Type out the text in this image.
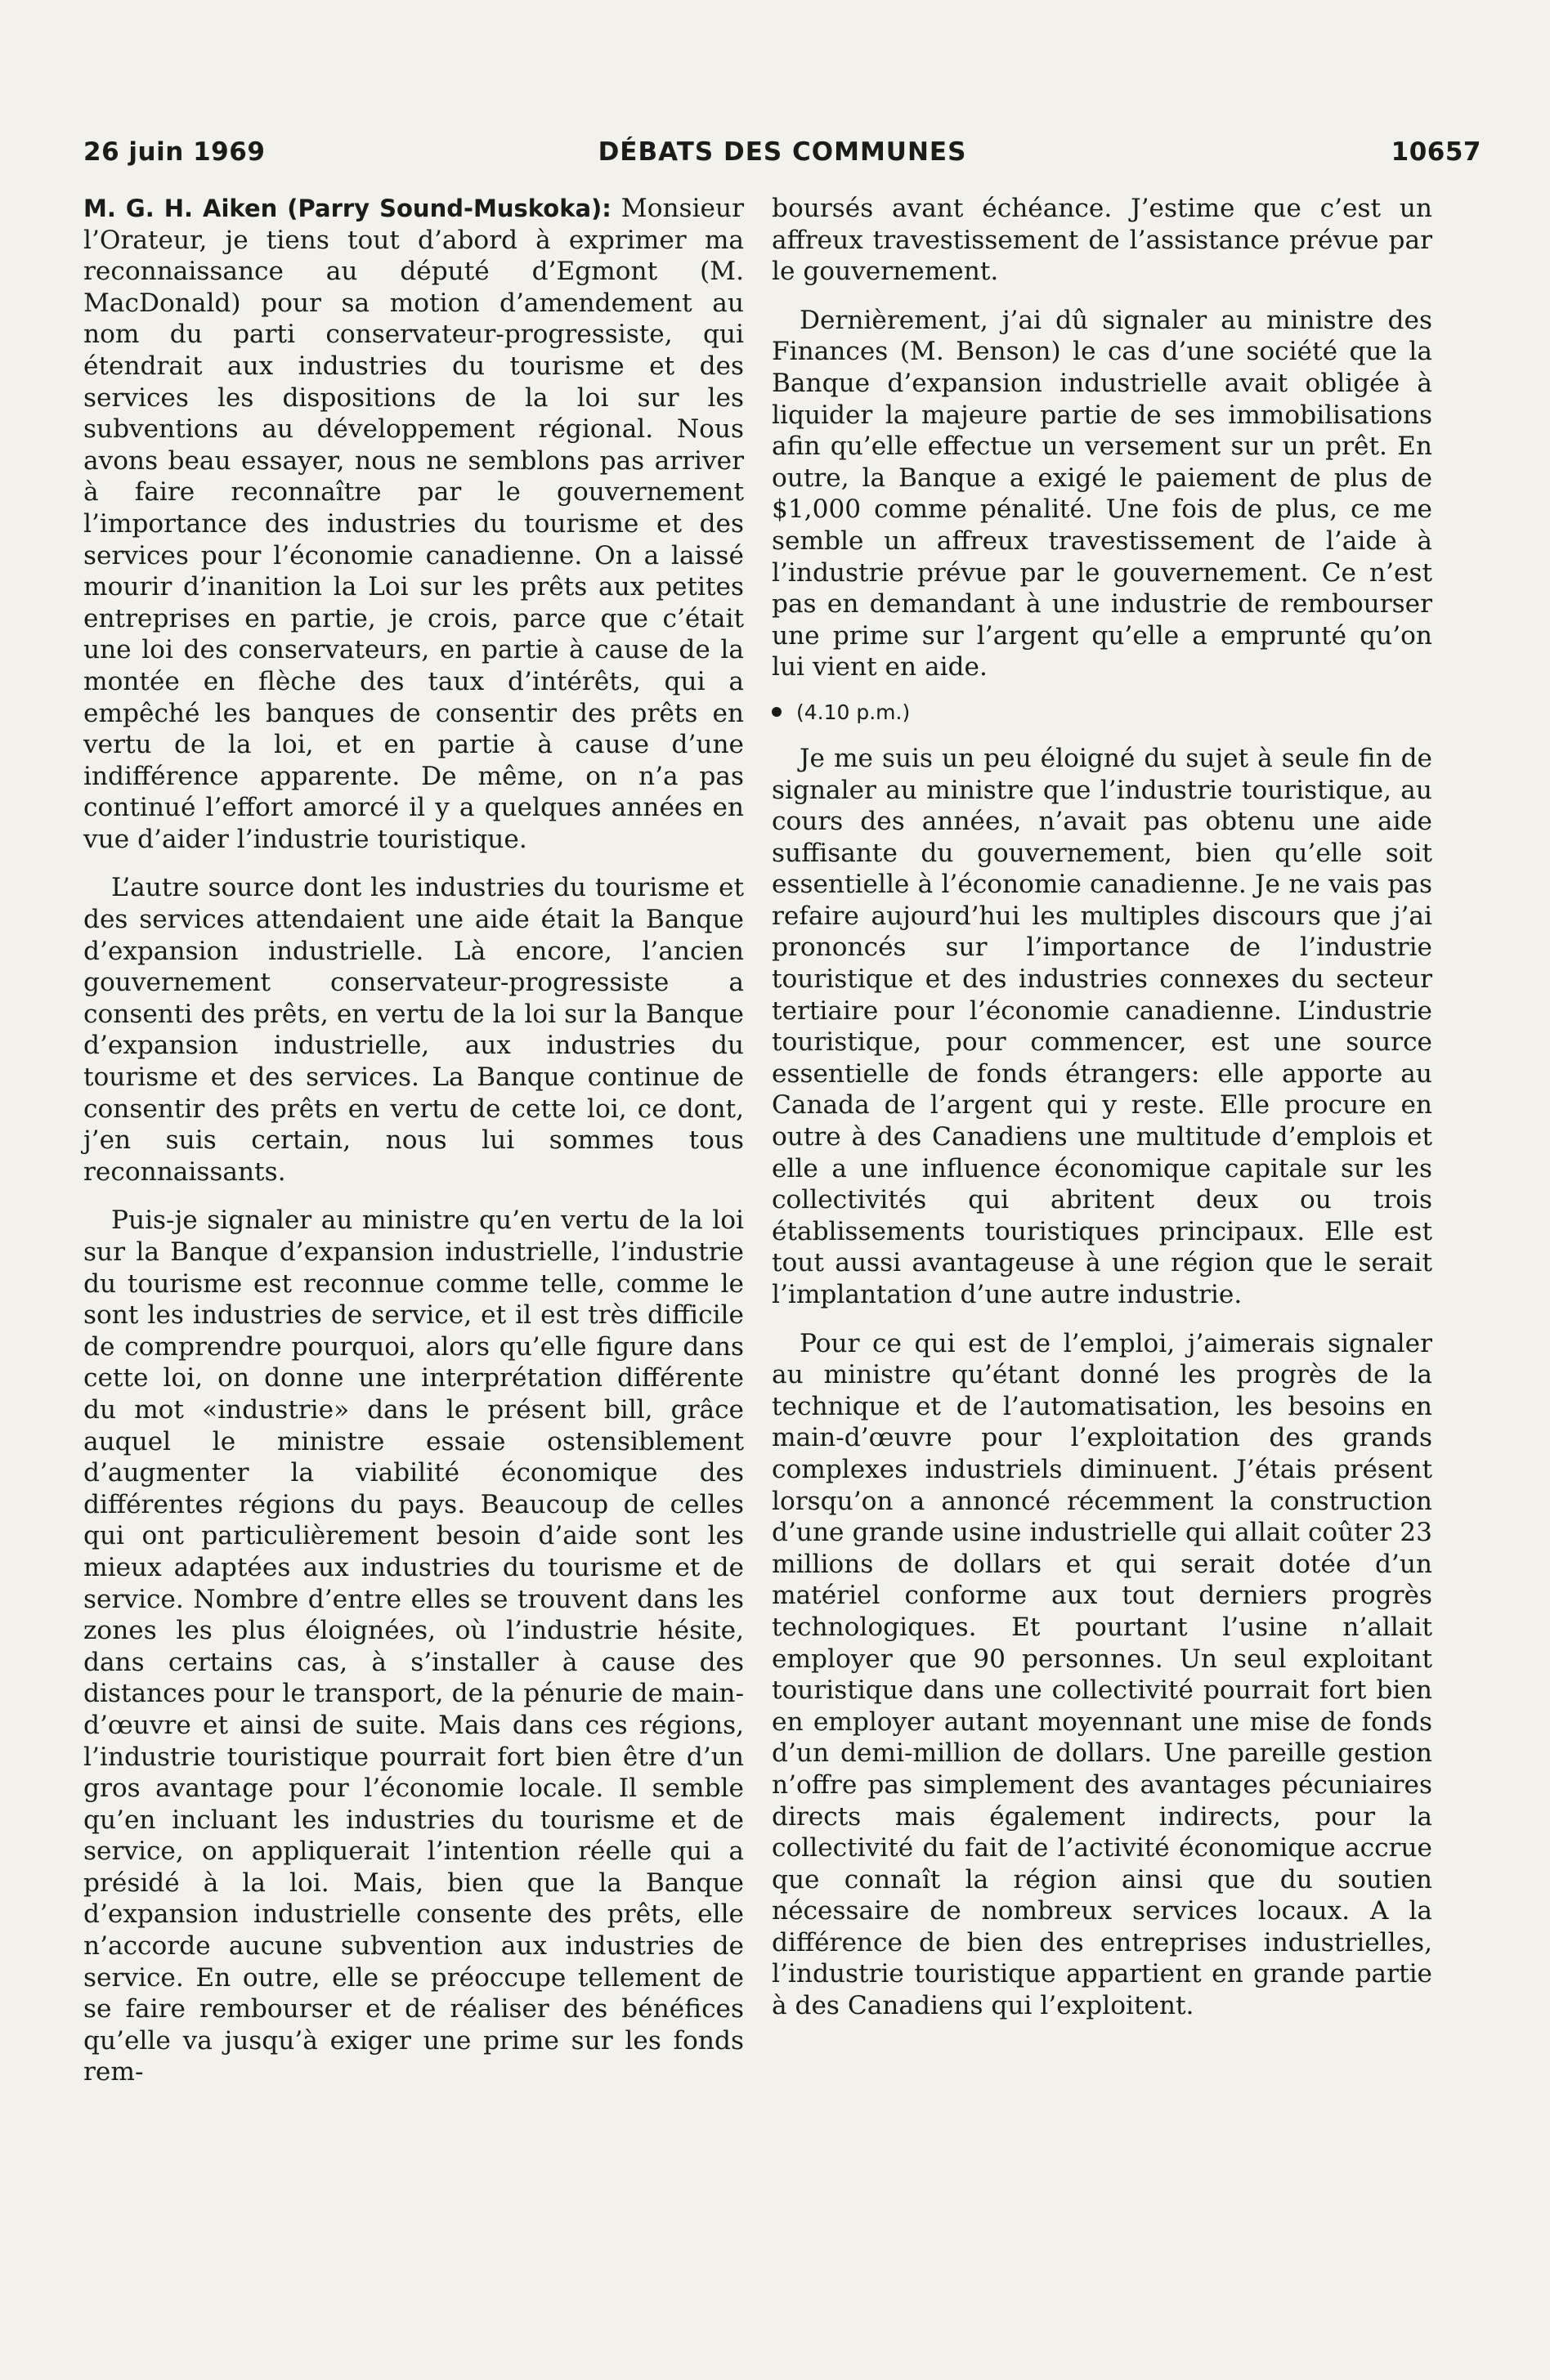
26 juin 1969	DÉBATS DES COMMUNES	10657

M. G. H. Aiken (Parry Sound-Muskoka): Monsieur l’Orateur, je tiens tout d’abord à exprimer ma reconnaissance au député d’Egmont (M. MacDonald) pour sa motion d’amendement au nom du parti conservateur-progressiste, qui étendrait aux industries du tourisme et des services les dispositions de la loi sur les subventions au développement régional. Nous avons beau essayer, nous ne semblons pas arriver à faire reconnaître par le gouvernement l’importance des industries du tourisme et des services pour l’économie canadienne. On a laissé mourir d’inanition la Loi sur les prêts aux petites entreprises en partie, je crois, parce que c’était une loi des conservateurs, en partie à cause de la montée en flèche des taux d’intérêts, qui a empêché les banques de consentir des prêts en vertu de la loi, et en partie à cause d’une indifférence apparente. De même, on n’a pas continué l’effort amorcé il y a quelques années en vue d’aider l’industrie touristique.

L’autre source dont les industries du tourisme et des services attendaient une aide était la Banque d’expansion industrielle. Là encore, l’ancien gouvernement conservateur-progressiste a consenti des prêts, en vertu de la loi sur la Banque d’expansion industrielle, aux industries du tourisme et des services. La Banque continue de consentir des prêts en vertu de cette loi, ce dont, j’en suis certain, nous lui sommes tous reconnaissants.

Puis-je signaler au ministre qu’en vertu de la loi sur la Banque d’expansion industrielle, l’industrie du tourisme est reconnue comme telle, comme le sont les industries de service, et il est très difficile de comprendre pourquoi, alors qu’elle figure dans cette loi, on donne une interprétation différente du mot «industrie» dans le présent bill, grâce auquel le ministre essaie ostensiblement d’augmenter la viabilité économique des différentes régions du pays. Beaucoup de celles qui ont particulièrement besoin d’aide sont les mieux adaptées aux industries du tourisme et de service. Nombre d’entre elles se trouvent dans les zones les plus éloignées, où l’industrie hésite, dans certains cas, à s’installer à cause des distances pour le transport, de la pénurie de main-d’œuvre et ainsi de suite. Mais dans ces régions, l’industrie touristique pourrait fort bien être d’un gros avantage pour l’économie locale. Il semble qu’en incluant les industries du tourisme et de service, on appliquerait l’intention réelle qui a présidé à la loi. Mais, bien que la Banque d’expansion industrielle consente des prêts, elle n’accorde aucune subvention aux industries de service. En outre, elle se préoccupe tellement de se faire rembourser et de réaliser des bénéfices qu’elle va jusqu’à exiger une prime sur les fonds rem-

boursés avant échéance. J’estime que c’est un affreux travestissement de l’assistance prévue par le gouvernement.

Dernièrement, j’ai dû signaler au ministre des Finances (M. Benson) le cas d’une société que la Banque d’expansion industrielle avait obligée à liquider la majeure partie de ses immobilisations afin qu’elle effectue un versement sur un prêt. En outre, la Banque a exigé le paiement de plus de $1,000 comme pénalité. Une fois de plus, ce me semble un affreux travestissement de l’aide à l’industrie prévue par le gouvernement. Ce n’est pas en demandant à une industrie de rembourser une prime sur l’argent qu’elle a emprunté qu’on lui vient en aide.

(4.10 p.m.)

Je me suis un peu éloigné du sujet à seule fin de signaler au ministre que l’industrie touristique, au cours des années, n’avait pas obtenu une aide suffisante du gouvernement, bien qu’elle soit essentielle à l’économie canadienne. Je ne vais pas refaire aujourd’hui les multiples discours que j’ai prononcés sur l’importance de l’industrie touristique et des industries connexes du secteur tertiaire pour l’économie canadienne. L’industrie touristique, pour commencer, est une source essentielle de fonds étrangers: elle apporte au Canada de l’argent qui y reste. Elle procure en outre à des Canadiens une multitude d’emplois et elle a une influence économique capitale sur les collectivités qui abritent deux ou trois établissements touristiques principaux. Elle est tout aussi avantageuse à une région que le serait l’implantation d’une autre industrie.

Pour ce qui est de l’emploi, j’aimerais signaler au ministre qu’étant donné les progrès de la technique et de l’automatisation, les besoins en main-d’œuvre pour l’exploitation des grands complexes industriels diminuent. J’étais présent lorsqu’on a annoncé récemment la construction d’une grande usine industrielle qui allait coûter 23 millions de dollars et qui serait dotée d’un matériel conforme aux tout derniers progrès technologiques. Et pourtant l’usine n’allait employer que 90 personnes. Un seul exploitant touristique dans une collectivité pourrait fort bien en employer autant moyennant une mise de fonds d’un demi-million de dollars. Une pareille gestion n’offre pas simplement des avantages pécuniaires directs mais également indirects, pour la collectivité du fait de l’activité économique accrue que connaît la région ainsi que du soutien nécessaire de nombreux services locaux. A la différence de bien des entreprises industrielles, l’industrie touristique appartient en grande partie à des Canadiens qui l’exploitent.
